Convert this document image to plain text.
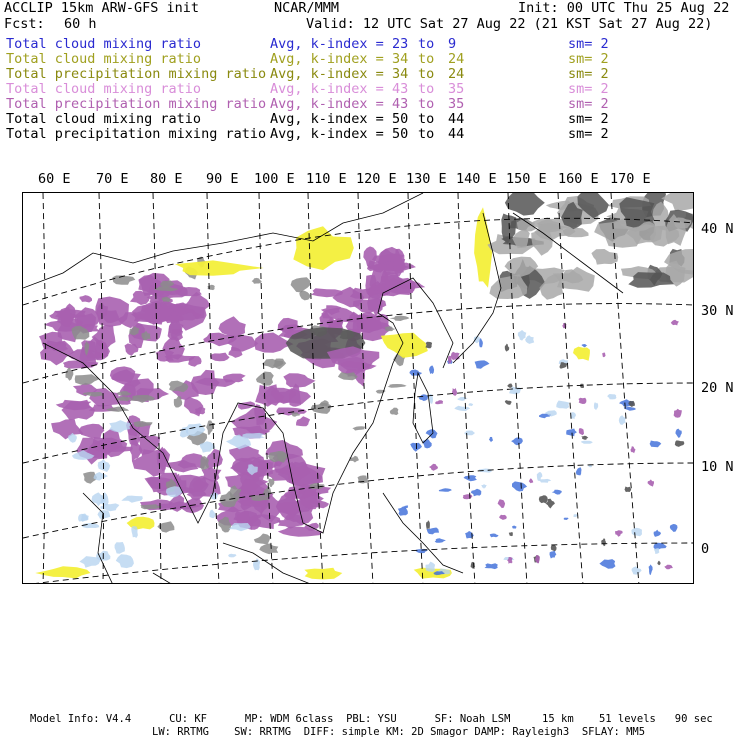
ACCLIP 15km ARW-GFS init	NCAR/MMM	Init: 00 UTC Thu 25 Aug 22
Fcst: 60 h	Valid: 12 UTC Sat 27 Aug 22 (21 KST Sat 27 Aug 22)
Total cloud mixing ratio	Avg, k-index = 23 to 9	sm= 2
Total cloud mixing ratio	Avg, k-index = 34 to 24	sm= 2
Total precipitation mixing ratio Avg, k-index = 34 to 24	sm= 2
Total cloud mixing ratio	Avg, k-index = 43 to 35	sm= 2
Total precipitation mixing ratio Avg, k-index = 43 to 35	sm= 2
Total cloud mixing ratio	Avg, k-index = 50 to 44	sm= 2
Total precipitation mixing ratio Avg, k-index = 50 to 44	sm= 2
60 E 70 E 80 E 90 E 100 E 110 E 120 E 130 E 140 E 150 E 160 E 170 E
40 N
30 N
20 N
10 N
0
Model Info: V4.4      CU: KF      MP: WDM 6class  PBL: YSU      SF: Noah LSM     15 km    51 levels   90 sec
LW: RRTMG    SW: RRTMG  DIFF: simple KM: 2D Smagor DAMP: Rayleigh3  SFLAY: MM5
